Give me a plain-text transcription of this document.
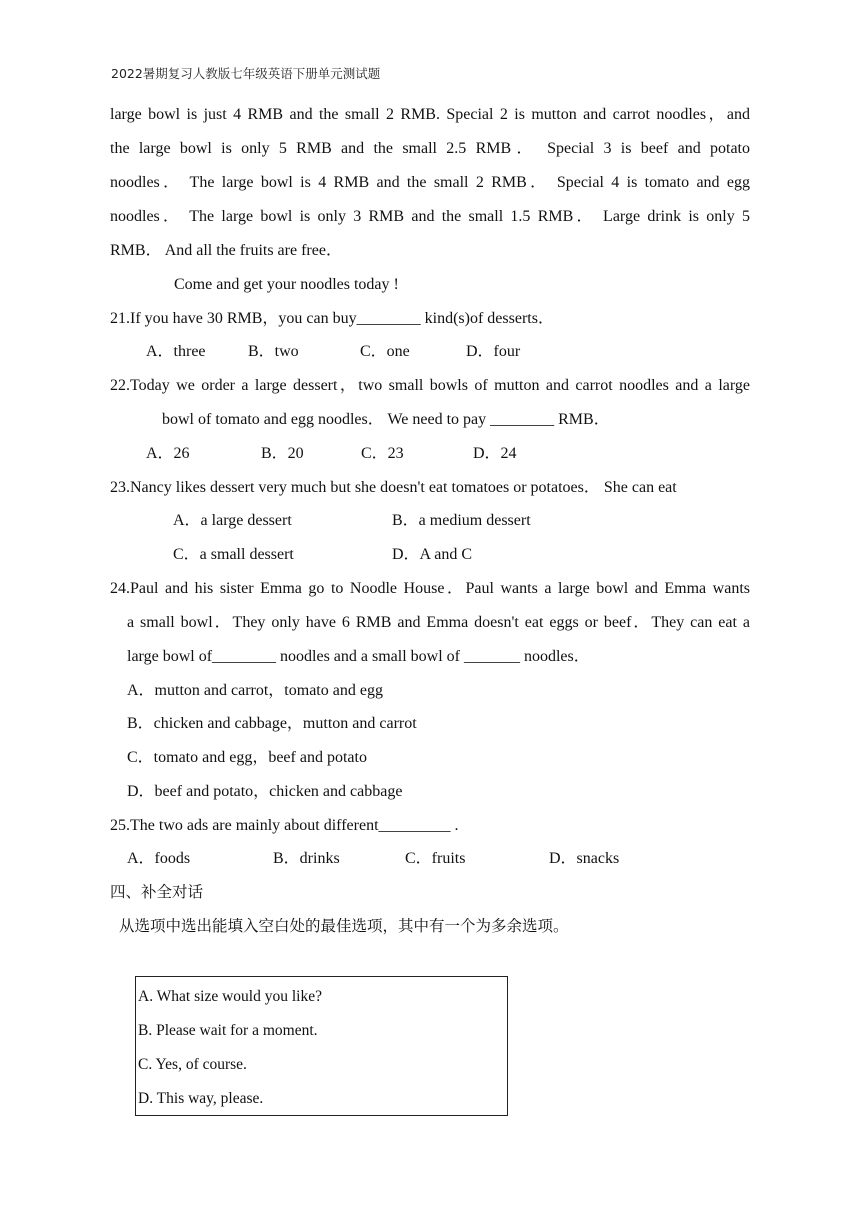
2022暑期复习人教版七年级英语下册单元测试题
large bowl is just 4 RMB and the small 2 RMB. Special 2 is mutton and carrot noodles，and
the large bowl is only 5 RMB and the small 2.5 RMB． Special 3 is beef and potato
noodles． The large bowl is 4 RMB and the small 2 RMB． Special 4 is tomato and egg
noodles． The large bowl is only 3 RMB and the small 1.5 RMB． Large drink is only 5
RMB． And all the fruits are free．
Come and get your noodles today !
21.If you have 30 RMB，you can buy________ kind(s)of desserts．
A．three	B．two	C．one	D．four
22.Today we order a large dessert，two small bowls of mutton and carrot noodles and a large
bowl of tomato and egg noodles． We need to pay ________ RMB．
A．26	B．20	C．23	D．24
23.Nancy likes dessert very much but she doesn't eat tomatoes or potatoes． She can eat
A．a large dessert	B．a medium dessert
C．a small dessert	D．A and C
24.Paul and his sister Emma go to Noodle House．Paul wants a large bowl and Emma wants
a small bowl．They only have 6 RMB and Emma doesn't eat eggs or beef．They can eat a
large bowl of________ noodles and a small bowl of _______ noodles．
A．mutton and carrot，tomato and egg
B．chicken and cabbage，mutton and carrot
C．tomato and egg，beef and potato
D．beef and potato，chicken and cabbage
25.The two ads are mainly about different_________ .
A．foods	B．drinks	C．fruits	D．snacks
四、补全对话
从选项中选出能填入空白处的最佳选项，其中有一个为多余选项。
A. What size would you like?
B. Please wait for a moment.
C. Yes, of course.
D. This way, please.
